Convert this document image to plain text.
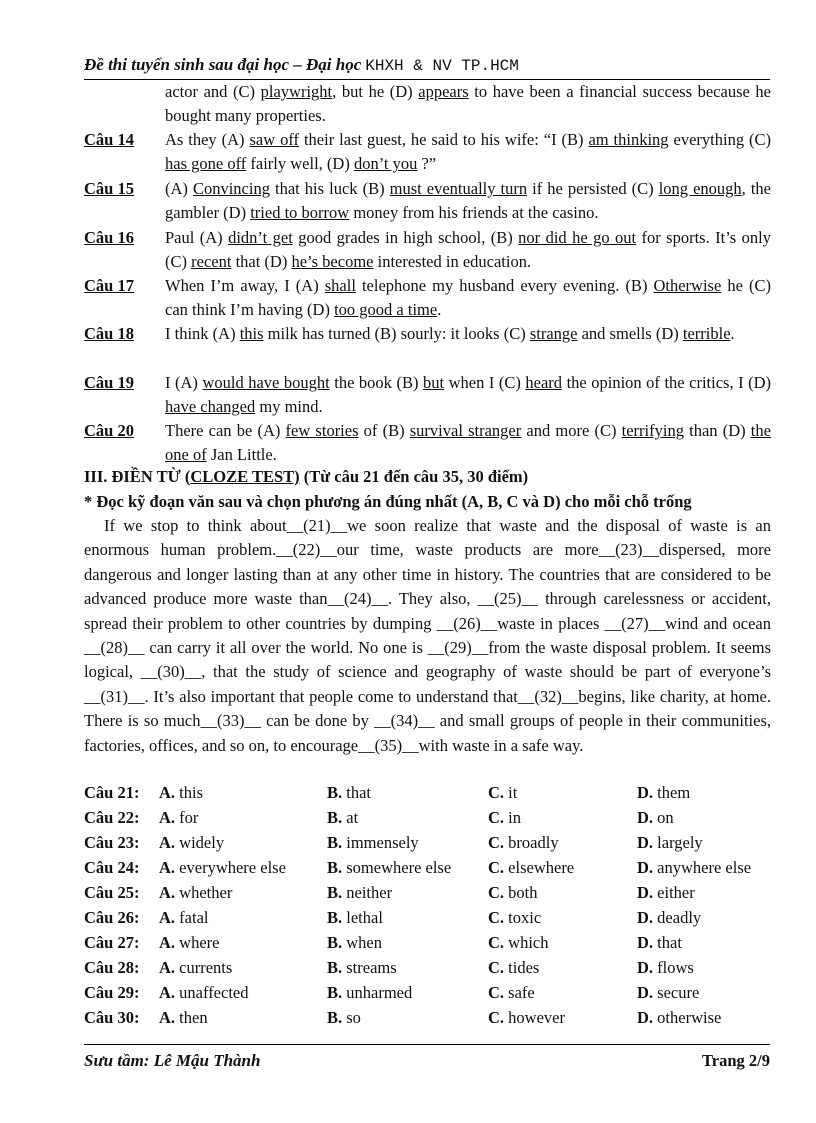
Đề thi tuyển sinh sau đại học – Đại học KHXH & NV TP.HCM
actor and (C) playwright, but he (D) appears to have been a financial success because he bought many properties.
Câu 14 As they (A) saw off their last guest, he said to his wife: “I (B) am thinking everything (C) has gone off fairly well, (D) don’t you ?”
Câu 15 (A) Convincing that his luck (B) must eventually turn if he persisted (C) long enough, the gambler (D) tried to borrow money from his friends at the casino.
Câu 16 Paul (A) didn’t get good grades in high school, (B) nor did he go out for sports. It’s only (C) recent that (D) he’s become interested in education.
Câu 17 When I’m away, I (A) shall telephone my husband every evening. (B) Otherwise he (C) can think I’m having (D) too good a time.
Câu 18 I think (A) this milk has turned (B) sourly: it looks (C) strange and smells (D) terrible.
Câu 19 I (A) would have bought the book (B) but when I (C) heard the opinion of the critics, I (D) have changed my mind.
Câu 20 There can be (A) few stories of (B) survival stranger and more (C) terrifying than (D) the one of Jan Little.
III. ĐIỀN TỪ (CLOZE TEST) (Từ câu 21 đến câu 35, 30 điểm)
* Đọc kỹ đoạn văn sau và chọn phương án đúng nhất (A, B, C và D) cho mỗi chỗ trống
If we stop to think about__(21)__we soon realize that waste and the disposal of waste is an enormous human problem.__(22)__our time, waste products are more__(23)__dispersed, more dangerous and longer lasting than at any other time in history. The countries that are considered to be advanced produce more waste than__(24)__. They also, __(25)__ through carelessness or accident, spread their problem to other countries by dumping __(26)__waste in places __(27)__wind and ocean __(28)__ can carry it all over the world. No one is __(29)__from the waste disposal problem. It seems logical, __(30)__, that the study of science and geography of waste should be part of everyone’s __(31)__. It’s also important that people come to understand that__(32)__begins, like charity, at home. There is so much__(33)__ can be done by __(34)__ and small groups of people in their communities, factories, offices, and so on, to encourage__(35)__with waste in a safe way.
Câu 21: A. this	B. that	C. it	D. them
Câu 22: A. for	B. at	C. in	D. on
Câu 23: A. widely	B. immensely	C. broadly	D. largely
Câu 24: A. everywhere else B. somewhere else C. elsewhere	D. anywhere else
Câu 25: A. whether	B. neither	C. both	D. either
Câu 26: A. fatal	B. lethal	C. toxic	D. deadly
Câu 27: A. where	B. when	C. which	D. that
Câu 28: A. currents	B. streams	C. tides	D. flows
Câu 29: A. unaffected	B. unharmed	C. safe	D. secure
Câu 30: A. then	B. so	C. however	D. otherwise
Sưu tầm: Lê Mậu Thành	Trang 2/9
